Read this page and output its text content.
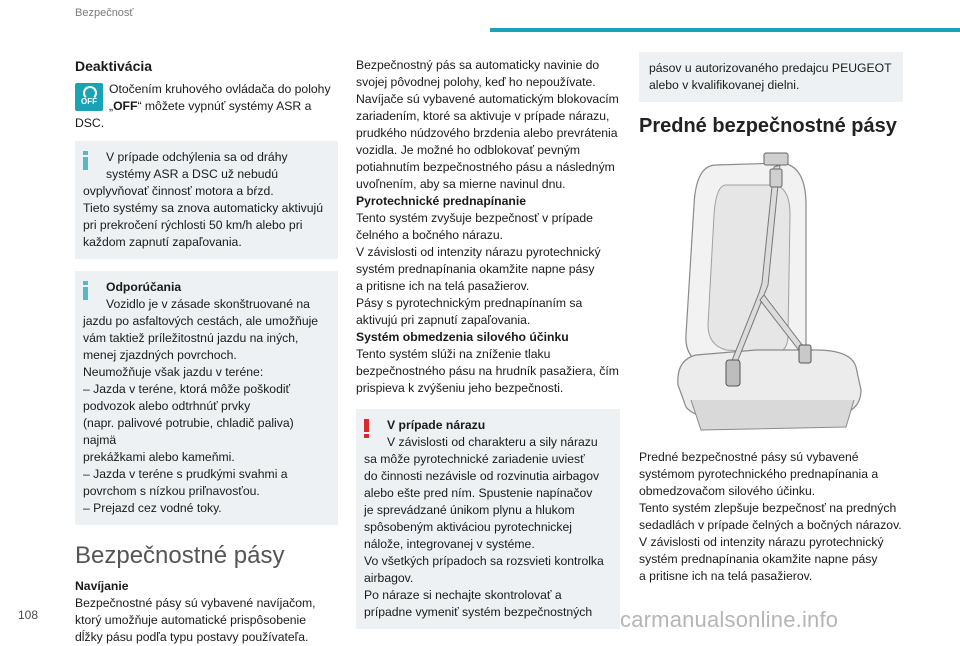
Bezpečnosť
Deaktivácia
OFF

Otočením kruhového ovládača do polohy „OFF“ môžete vypnúť systémy ASR a DSC.

V prípade odchýlenia sa od dráhy

systémy ASR a DSC už nebudú

ovplyvňovať činnosť motora a bŕzd.

Tieto systémy sa znova automaticky aktivujú

pri prekročení rýchlosti 50 km/h alebo pri

každom zapnutí zapaľovania.

Odporúčania

Vozidlo je v zásade skonštruované na

jazdu po asfaltových cestách, ale umožňuje

vám taktiež príležitostnú jazdu na iných,

menej zjazdných povrchoch.

Neumožňuje však jazdu v teréne:

– Jazda v teréne, ktorá môže poškodiť

podvozok alebo odtrhnúť prvky

(napr. palivové potrubie, chladič paliva) najmä

prekážkami alebo kameňmi.

– Jazda v teréne s prudkými svahmi a

povrchom s nízkou priľnavosťou.

– Prejazd cez vodné toky.

Bezpečnostné pásy

Navíjanie

Bezpečnostné pásy sú vybavené navíjačom,

ktorý umožňuje automatické prispôsobenie

dĺžky pásu podľa typu postavy používateľa.

Bezpečnostný pás sa automaticky navinie do

svojej pôvodnej polohy, keď ho nepoužívate.

Navíjače sú vybavené automatickým blokovacím

zariadením, ktoré sa aktivuje v prípade nárazu,

prudkého núdzového brzdenia alebo prevrátenia

vozidla. Je možné ho odblokovať pevným

potiahnutím bezpečnostného pásu a následným

uvoľnením, aby sa mierne navinul dnu.

Pyrotechnické prednapínanie

Tento systém zvyšuje bezpečnosť v prípade

čelného a bočného nárazu.

V závislosti od intenzity nárazu pyrotechnický

systém prednapínania okamžite napne pásy

a pritisne ich na telá pasažierov.

Pásy s pyrotechnickým prednapínaním sa

aktivujú pri zapnutí zapaľovania.

Systém obmedzenia silového účinku

Tento systém slúži na zníženie tlaku

bezpečnostného pásu na hrudník pasažiera, čím

prispieva k zvýšeniu jeho bezpečnosti.

V prípade nárazu

V závislosti od charakteru a sily nárazu

sa môže pyrotechnické zariadenie uviesť

do činnosti nezávisle od rozvinutia airbagov

alebo ešte pred ním. Spustenie napínačov

je sprevádzané únikom plynu a hlukom

spôsobeným aktiváciou pyrotechnickej

nálože, integrovanej v systéme.

Vo všetkých prípadoch sa rozsvieti kontrolka

airbagov.

Po náraze si nechajte skontrolovať a

prípadne vymeniť systém bezpečnostných

pásov u autorizovaného predajcu PEUGEOT

alebo v kvalifikovanej dielni.

Predné bezpečnostné pásy

Predné bezpečnostné pásy sú vybavené

systémom pyrotechnického prednapínania a

obmedzovačom silového účinku.

Tento systém zlepšuje bezpečnosť na predných

sedadlách v prípade čelných a bočných nárazov.

V závislosti od intenzity nárazu pyrotechnický

systém prednapínania okamžite napne pásy

a pritisne ich na telá pasažierov.

108	carmanualsonline.info
